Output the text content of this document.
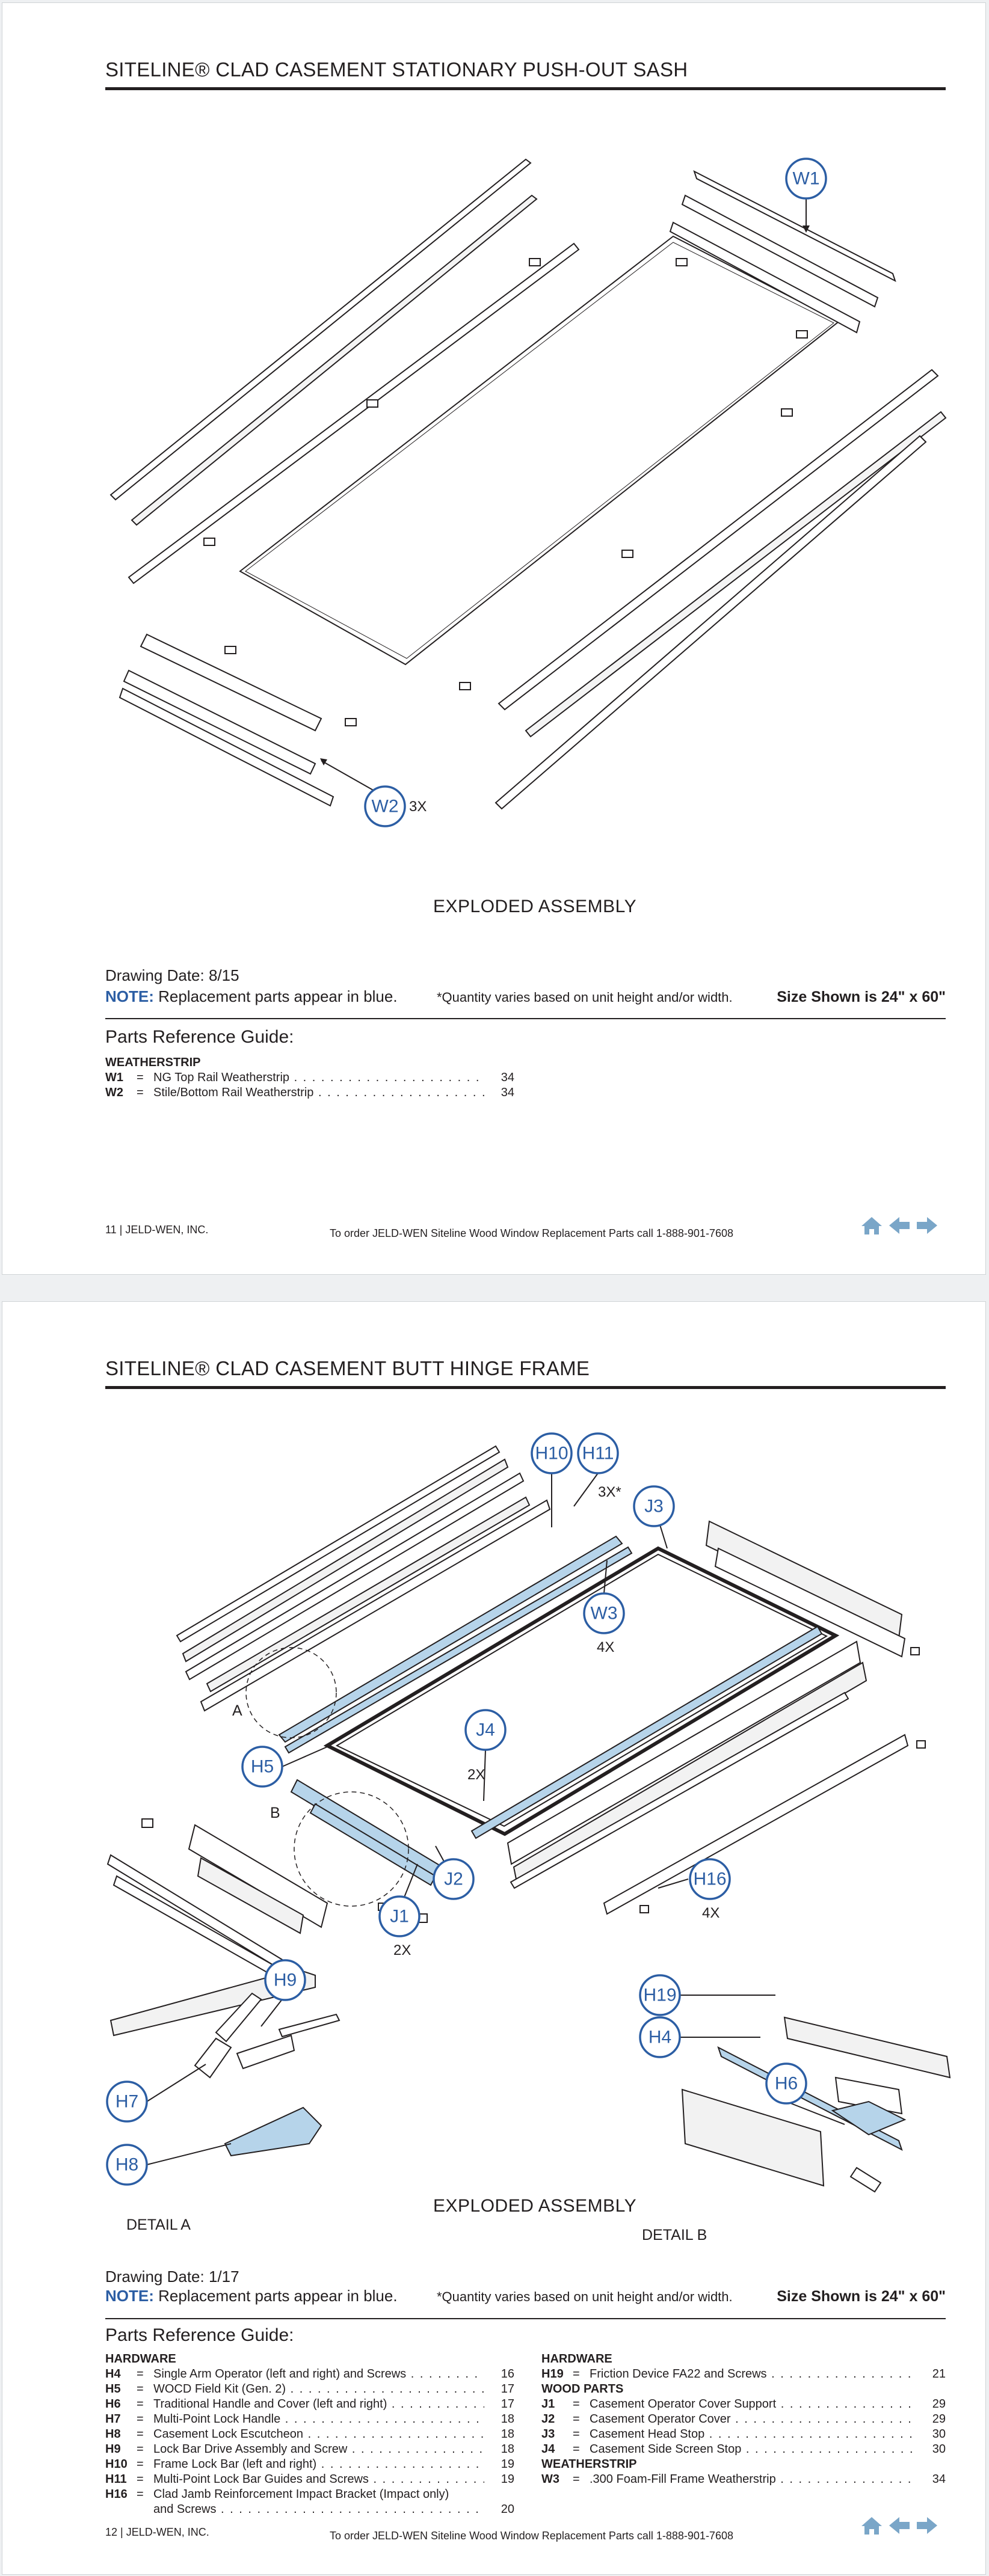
SITELINE® CLAD CASEMENT STATIONARY PUSH-OUT SASH
W1
W2 3X
EXPLODED ASSEMBLY
Drawing Date: 8/15
NOTE: Replacement parts appear in blue.	*Quantity varies based on unit height and/or width.	Size Shown is 24" x 60"
Parts Reference Guide:
WEATHERSTRIP
W1	= NG Top Rail Weatherstrip . . .	34
W2	= Stile/Bottom Rail Weatherstrip . . .	34
11 | JELD-WEN, INC.	To order JELD-WEN Siteline Wood Window Replacement Parts call 1-888-901-7608
SITELINE® CLAD CASEMENT BUTT HINGE FRAME
A
B
H10 H11
3X*
J3
W3
4X
H5
J4
2X
J2
J1
2X
H16
4X
H9
H7
H8
H19
H4
H6
DETAIL A
DETAIL B
EXPLODED ASSEMBLY
Drawing Date: 1/17
NOTE: Replacement parts appear in blue.	*Quantity varies based on unit height and/or width.	Size Shown is 24" x 60"
Parts Reference Guide:
HARDWARE
H4	= Single Arm Operator (left and right) and Screws . . .	16
H5	= WOCD Field Kit (Gen. 2) . . .	17
H6	= Traditional Handle and Cover (left and right) . . .	17
H7	= Multi-Point Lock Handle . . .	18
H8	= Casement Lock Escutcheon . . .	18
H9	= Lock Bar Drive Assembly and Screw . . .	18
H10 = Frame Lock Bar (left and right) . . .	19
H11 = Multi-Point Lock Bar Guides and Screws . . .	19
H16 = Clad Jamb Reinforcement Impact Bracket (Impact only)
and Screws . . .	20
HARDWARE
H19 = Friction Device FA22 and Screws . . .	21
WOOD PARTS
J1	= Casement Operator Cover Support . . .	29
J2	= Casement Operator Cover . . .	29
J3	= Casement Head Stop . . .	30
J4	= Casement Side Screen Stop . . .	30
WEATHERSTRIP
W3	= .300 Foam-Fill Frame Weatherstrip . . .	34
12 | JELD-WEN, INC.	To order JELD-WEN Siteline Wood Window Replacement Parts call 1-888-901-7608
